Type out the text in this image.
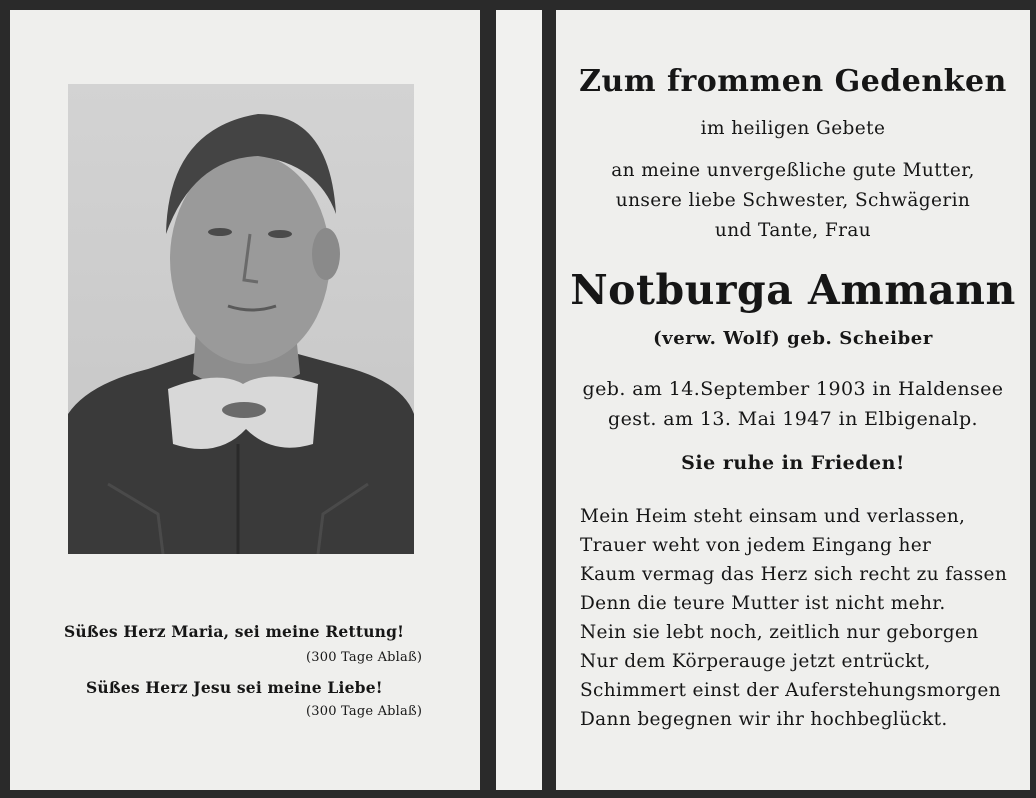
Süßes Herz Maria, sei meine Rettung!
(300 Tage Ablaß)
Süßes Herz Jesu sei meine Liebe!
(300 Tage Ablaß)
Zum frommen Gedenken
im heiligen Gebete
an meine unvergeßliche gute Mutter,
unsere liebe Schwester, Schwägerin
und Tante, Frau
Notburga Ammann
(verw. Wolf) geb. Scheiber
geb. am 14.September 1903 in Haldensee
gest. am 13. Mai 1947 in Elbigenalp.
Sie ruhe in Frieden!
Mein Heim steht einsam und verlassen,
Trauer weht von jedem Eingang her
Kaum vermag das Herz sich recht zu fassen
Denn die teure Mutter ist nicht mehr.
Nein sie lebt noch, zeitlich nur geborgen
Nur dem Körperauge jetzt entrückt,
Schimmert einst der Auferstehungsmorgen
Dann begegnen wir ihr hochbeglückt.
